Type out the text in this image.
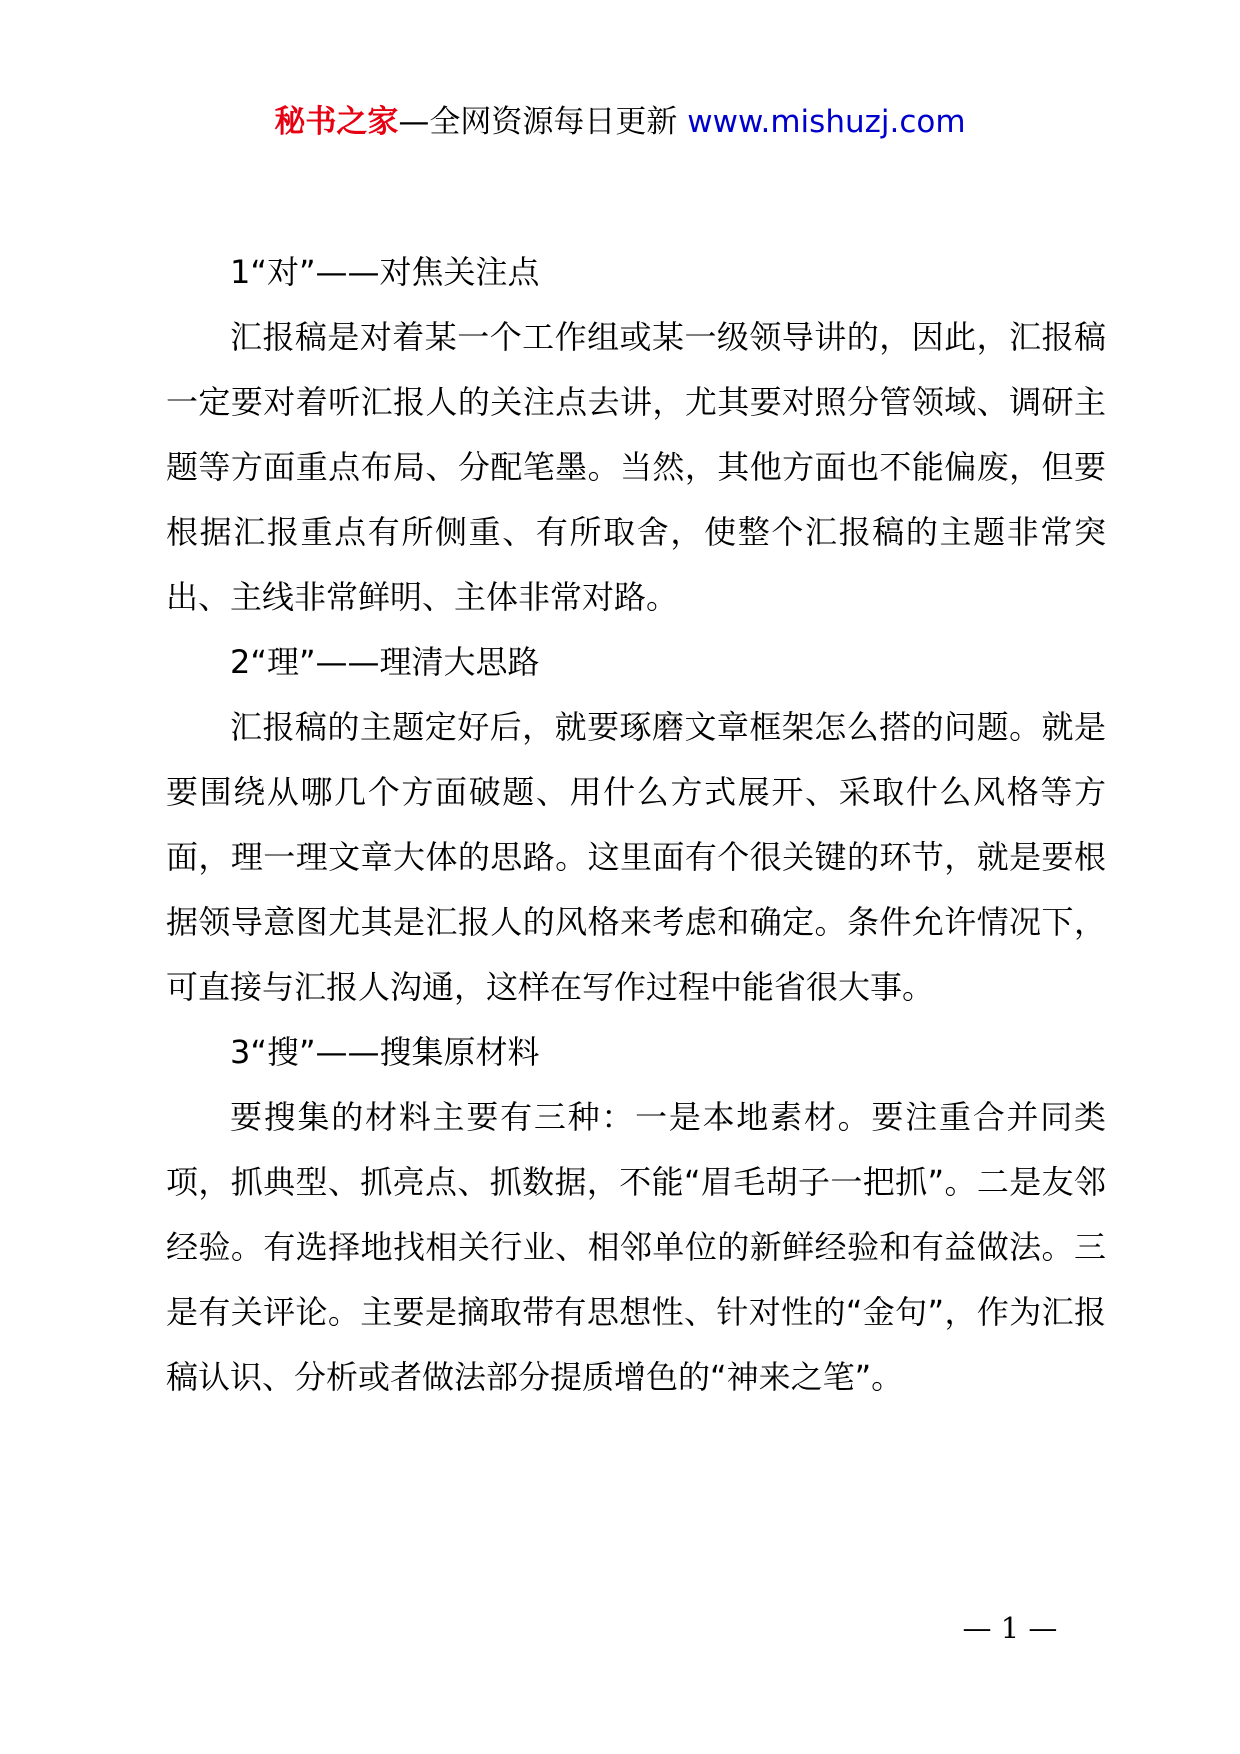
秘书之家—全网资源每日更新 www.mishuzj.com

1“对”——对焦关注点

汇报稿是对着某一个工作组或某一级领导讲的，因此，汇报稿一定要对着听汇报人的关注点去讲，尤其要对照分管领域、调研主题等方面重点布局、分配笔墨。当然，其他方面也不能偏废，但要根据汇报重点有所侧重、有所取舍，使整个汇报稿的主题非常突出、主线非常鲜明、主体非常对路。

2“理”——理清大思路

汇报稿的主题定好后，就要琢磨文章框架怎么搭的问题。就是要围绕从哪几个方面破题、用什么方式展开、采取什么风格等方面，理一理文章大体的思路。这里面有个很关键的环节，就是要根据领导意图尤其是汇报人的风格来考虑和确定。条件允许情况下，可直接与汇报人沟通，这样在写作过程中能省很大事。

3“搜”——搜集原材料

要搜集的材料主要有三种：一是本地素材。要注重合并同类项，抓典型、抓亮点、抓数据，不能“眉毛胡子一把抓”。二是友邻经验。有选择地找相关行业、相邻单位的新鲜经验和有益做法。三是有关评论。主要是摘取带有思想性、针对性的“金句”，作为汇报稿认识、分析或者做法部分提质增色的“神来之笔”。

— 1 —
